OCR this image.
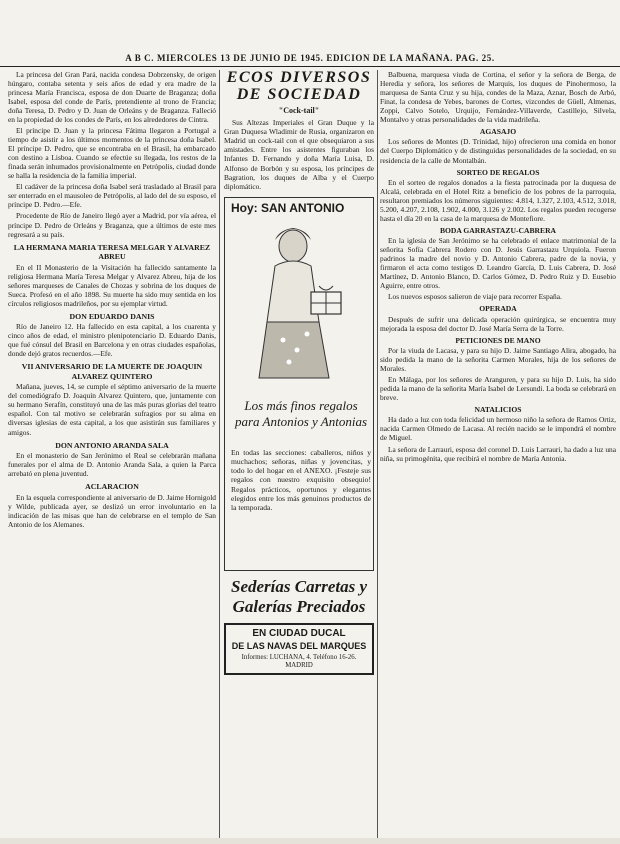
A B C. MIERCOLES 13 DE JUNIO DE 1945. EDICION DE LA MAÑANA. PAG. 25.

La princesa del Gran Pará, nacida condesa Dobrzensky, de origen húngaro, contaba setenta y seis años de edad y era madre de la princesa María Francisca, esposa de don Duarte de Braganza; doña Isabel, esposa del conde de París, pretendiente al trono de Francia; doña Teresa, D. Pedro y D. Juan de Orleáns y de Braganza. Falleció en la propiedad de los condes de París, en los alrededores de Cintra.

El príncipe D. Juan y la princesa Fátima llegaron a Portugal a tiempo de asistir a los últimos momentos de la princesa doña Isabel. El príncipe D. Pedro, que se encontraba en el Brasil, ha embarcado con destino a Lisboa. Cuando se efectúe su llegada, los restos de la finada serán inhumados provisionalmente en Petrópolis, ciudad donde se halla la residencia de la familia imperial.

El cadáver de la princesa doña Isabel será trasladado al Brasil para ser enterrado en el mausoleo de Petrópolis, al lado del de su esposo, el príncipe D. Pedro.—Efe.

Procedente de Río de Janeiro llegó ayer a Madrid, por vía aérea, el príncipe D. Pedro de Orleáns y Braganza, que a últimos de este mes regresará a su país.

LA HERMANA MARIA TERESA MELGAR Y ALVAREZ ABREU

En el II Monasterio de la Visitación ha fallecido santamente la religiosa Hermana María Teresa Melgar y Alvarez Abreu, hija de los señores marqueses de Canales de Chozas y sobrina de los duques de Sueca. Profesó en el año 1898. Su muerte ha sido muy sentida en los círculos religiosos madrileños, por su ejemplar virtud.

DON EDUARDO DANIS

Río de Janeiro 12. Ha fallecido en esta capital, a los cuarenta y cinco años de edad, el ministro plenipotenciario D. Eduardo Danis, que fué cónsul del Brasil en Barcelona y en otras ciudades españolas, donde dejó gratos recuerdos.—Efe.

VII ANIVERSARIO DE LA MUERTE DE JOAQUIN ALVAREZ QUINTERO

Mañana, jueves, 14, se cumple el séptimo aniversario de la muerte del comediógrafo D. Joaquín Alvarez Quintero, que, juntamente con su hermano Serafín, constituyó una de las más puras glorias del teatro español. Con tal motivo se celebrarán sufragios por su alma en diversas iglesias de esta capital, a los que asistirán sus familiares y amigos.

DON ANTONIO ARANDA SALA

En el monasterio de San Jerónimo el Real se celebrarán mañana funerales por el alma de D. Antonio Aranda Sala, a quien la Parca arrebató en plena juventud.

ACLARACION

En la esquela correspondiente al aniversario de D. Jaime Hornigold y Wilde, publicada ayer, se deslizó un error involuntario en la indicación de las misas que han de celebrarse en el templo de San Antonio de los Alemanes.

ECOS DIVERSOS
DE SOCIEDAD
"Cock-tail"

Sus Altezas Imperiales el Gran Duque y la Gran Duquesa Wladimir de Rusia, organizaron en Madrid un cock-tail con el que obsequiaron a sus amistades. Entre los asistentes figuraban los Infantes D. Fernando y doña María Luisa, D. Alfonso de Borbón y su esposa, los príncipes de Bagration, los duques de Alba y el Cuerpo diplomático.

Hoy: SAN ANTONIO
Los más finos regalos para Antonios y Antonias
En todas las secciones: caballeros, niños y muchachos; señoras, niñas y jovencitas, y todo lo del hogar en el ANEXO. ¡Festeje sus regalos con nuestro exquisito obsequio! Regalos prácticos, oportunos y elegantes elegidos entre los más genuinos productos de la temporada.
Sederías Carretas y Galerías Preciados
EN CIUDAD DUCAL
DE LAS NAVAS DEL MARQUES
Informes: LUCHANA, 4. Teléfono 16-26. MADRID

Balbuena, marquesa viuda de Cortina, el señor y la señora de Berga, de Heredia y señora, los señores de Marquis, los duques de Pinohermoso, la marquesa de Santa Cruz y su hija, condes de la Maza, Aznar, Bosch de Arbó, Finat, la condesa de Yebes, barones de Cortes, vizcondes de Güell, Almenas, Zoppi, Calvo Sotelo, Urquijo, Fernández-Villaverde, Castillejo, Silvela, Montalvo y otras personalidades de la vida madrileña.

AGASAJO

Los señores de Montes (D. Trinidad, hijo) ofrecieron una comida en honor del Cuerpo Diplomático y de distinguidas personalidades de la sociedad, en su residencia de la calle de Montalbán.

SORTEO DE REGALOS

En el sorteo de regalos donados a la fiesta patrocinada por la duquesa de Alcalá, celebrada en el Hotel Ritz a beneficio de los pobres de la parroquia, resultaron premiados los números siguientes: 4.814, 1.327, 2.103, 4.512, 3.018, 5.200, 4.207, 2.108, 1.902, 4.000, 3.126 y 2.002. Los regalos pueden recogerse hasta el día 20 en la casa de la marquesa de Montefiore.

BODA GARRASTAZU-CABRERA

En la iglesia de San Jerónimo se ha celebrado el enlace matrimonial de la señorita Sofía Cabrera Rodero con D. Jesús Garrastazu Urquiola. Fueron padrinos la madre del novio y D. Antonio Cabrera, padre de la novia, y firmaron el acta como testigos D. Leandro García, D. Luis Cabrera, D. José Martínez, D. Antonio Blanco, D. Carlos Gómez, D. Pedro Ruiz y D. Eusebio Aguirre, entre otros.

Los nuevos esposos salieron de viaje para recorrer España.

OPERADA

Después de sufrir una delicada operación quirúrgica, se encuentra muy mejorada la esposa del doctor D. José María Serra de la Torre.

PETICIONES DE MANO

Por la viuda de Lacasa, y para su hijo D. Jaime Santiago Alira, abogado, ha sido pedida la mano de la señorita Carmen Morales, hija de los señores de Morales.

En Málaga, por los señores de Aranguren, y para su hijo D. Luis, ha sido pedida la mano de la señorita María Isabel de Lersundi. La boda se celebrará en breve.

NATALICIOS

Ha dado a luz con toda felicidad un hermoso niño la señora de Ramos Ortiz, nacida Carmen Olmedo de Lacasa. Al recién nacido se le impondrá el nombre de Miguel.

La señora de Larrauri, esposa del coronel D. Luis Larrauri, ha dado a luz una niña, su primogénita, que recibirá el nombre de María Antonia.
